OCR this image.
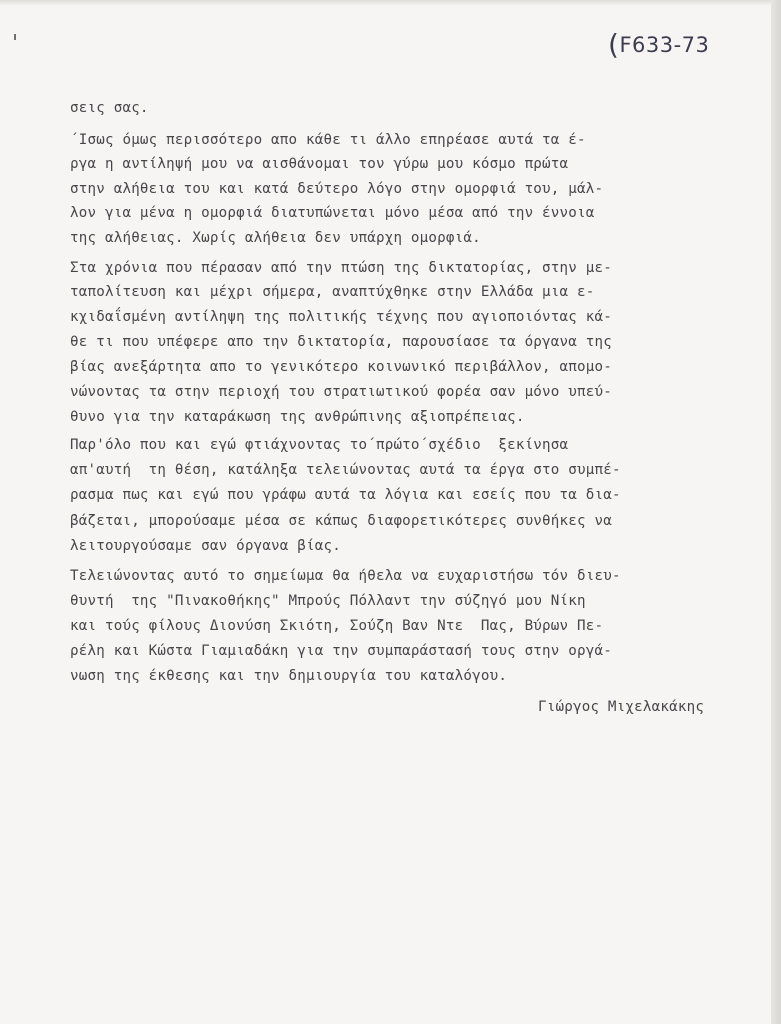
(F633-73
σεις σας.
΄Ισως όμως περισσότερο απο κάθε τι άλλο επηρέασε αυτά τα έ-
ργα η αντίληψή μου να αισθάνομαι τον γύρω μου κόσμο πρώτα
στην αλήθεια του και κατά δεύτερο λόγο στην ομορφιά του, μάλ-
λον για μένα η ομορφιά διατυπώνεται μόνο μέσα από την έννοια
της αλήθειας. Χωρίς αλήθεια δεν υπάρχη ομορφιά.
Στα χρόνια που πέρασαν από την πτώση της δικτατορίας, στην με-
ταπολίτευση και μέχρι σήμερα, αναπτύχθηκε στην Ελλάδα μια ε-
κχιδαΐσμένη αντίληψη της πολιτικής τέχνης που αγιοποιόντας κά-
θε τι που υπέφερε απο την δικτατορία, παρουσίασε τα όργανα της
βίας ανεξάρτητα απο το γενικότερο κοινωνικό περιβάλλον, απομο-
νώνοντας τα στην περιοχή του στρατιωτικού φορέα σαν μόνο υπεύ-
θυνο για την καταράκωση της ανθρώπινης αξιοπρέπειας.
Παρ'όλο που και εγώ φτιάχνοντας το΄πρώτο΄σχέδιο  ξεκίνησα
απ'αυτή  τη θέση, κατάληξα τελειώνοντας αυτά τα έργα στο συμπέ-
ρασμα πως και εγώ που γράφω αυτά τα λόγια και εσείς που τα δια-
βάζεται, μπορούσαμε μέσα σε κάπως διαφορετικότερες συνθήκες να
λειτουργούσαμε σαν όργανα βίας.
Τελειώνοντας αυτό το σημείωμα θα ήθελα να ευχαριστήσω τόν διευ-
θυντή  της "Πινακοθήκης" Μπρούς Πόλλαντ την σύζηγό μου Νίκη
και τούς φίλους Διονύση Σκιότη, Σούζη Βαν Ντε  Πας, Βύρων Πε-
ρέλη και Κώστα Γιαμιαδάκη για την συμπαράστασή τους στην οργά-
νωση της έκθεσης και την δημιουργία του καταλόγου.
Γιώργος Μιχελακάκης
